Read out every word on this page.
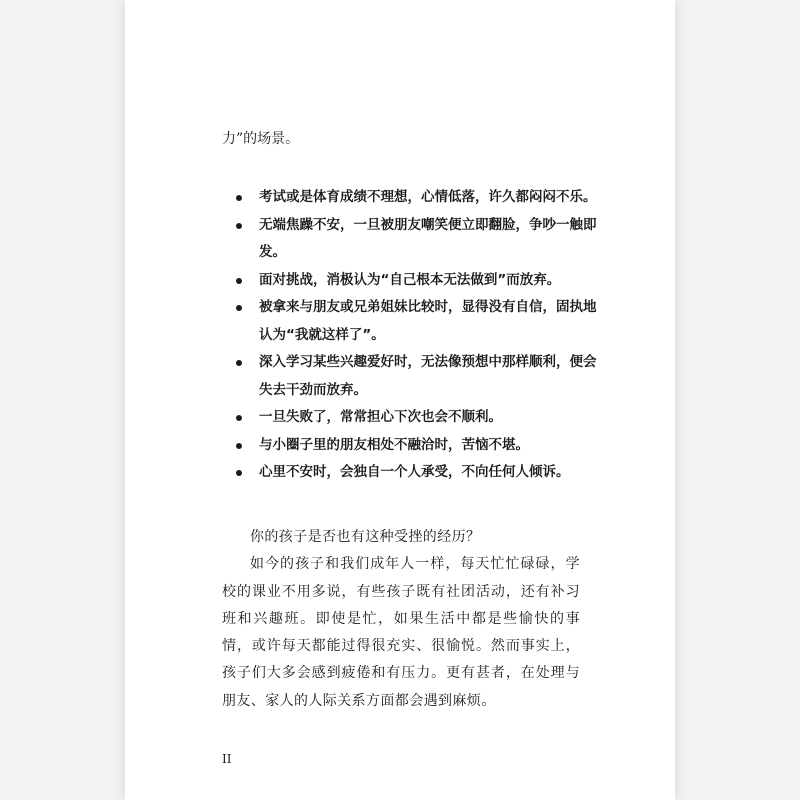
力”的场景。
考试或是体育成绩不理想，心情低落，许久都闷闷不乐。
无端焦躁不安，一旦被朋友嘲笑便立即翻脸，争吵一触即发。
面对挑战，消极认为“自己根本无法做到”而放弃。
被拿来与朋友或兄弟姐妹比较时，显得没有自信，固执地认为“我就这样了”。
深入学习某些兴趣爱好时，无法像预想中那样顺利，便会失去干劲而放弃。
一旦失败了，常常担心下次也会不顺利。
与小圈子里的朋友相处不融洽时，苦恼不堪。
心里不安时，会独自一个人承受，不向任何人倾诉。

你的孩子是否也有这种受挫的经历？

如今的孩子和我们成年人一样，每天忙忙碌碌，学校的课业不用多说，有些孩子既有社团活动，还有补习班和兴趣班。即使是忙，如果生活中都是些愉快的事情，或许每天都能过得很充实、很愉悦。然而事实上，孩子们大多会感到疲倦和有压力。更有甚者，在处理与朋友、家人的人际关系方面都会遇到麻烦。

II
